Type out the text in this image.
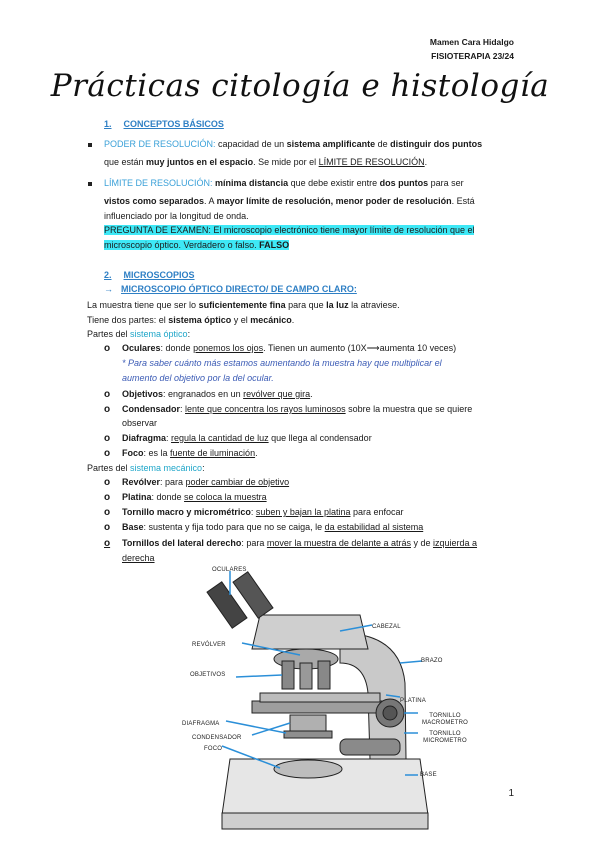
Mamen Cara Hidalgo
FISIOTERAPIA 23/24
Prácticas citología e histología
1. CONCEPTOS BÁSICOS
PODER DE RESOLUCIÓN: capacidad de un sistema amplificante de distinguir dos puntos
que están muy juntos en el espacio. Se mide por el LÍMITE DE RESOLUCIÓN.
LÍMITE DE RESOLUCIÓN: mínima distancia que debe existir entre dos puntos para ser
vistos como separados. A mayor límite de resolución, menor poder de resolución. Está
influenciado por la longitud de onda.
PREGUNTA DE EXAMEN: El microscopio electrónico tiene mayor límite de resolución que el
microscopio óptico. Verdadero o falso. FALSO
2. MICROSCOPIOS
→ MICROSCOPIO ÓPTICO DIRECTO/ DE CAMPO CLARO:
La muestra tiene que ser lo suficientemente fina para que la luz la atraviese.
Tiene dos partes: el sistema óptico y el mecánico.
Partes del sistema óptico:
o Oculares: donde ponemos los ojos. Tienen un aumento (10X⟶aumenta 10 veces)
* Para saber cuánto más estamos aumentando la muestra hay que multiplicar el
aumento del objetivo por la del ocular.
o Objetivos: engranados en un revólver que gira.
o Condensador: lente que concentra los rayos luminosos sobre la muestra que se quiere
observar
o Diafragma: regula la cantidad de luz que llega al condensador
o Foco: es la fuente de iluminación.
Partes del sistema mecánico:
o Revólver: para poder cambiar de objetivo
o Platina: donde se coloca la muestra
o Tornillo macro y micrométrico: suben y bajan la platina para enfocar
o Base: sustenta y fija todo para que no se caiga, le da estabilidad al sistema
o Tornillos del lateral derecho: para mover la muestra de delante a atrás y de izquierda a
derecha
OCULARES
CABEZAL
REVÓLVER
BRAZO
OBJETIVOS
PLATINA
TORNILLO MACROMETRO
TORNILLO MICROMETRO
DIAFRAGMA
CONDENSADOR
FOCO
BASE
1
